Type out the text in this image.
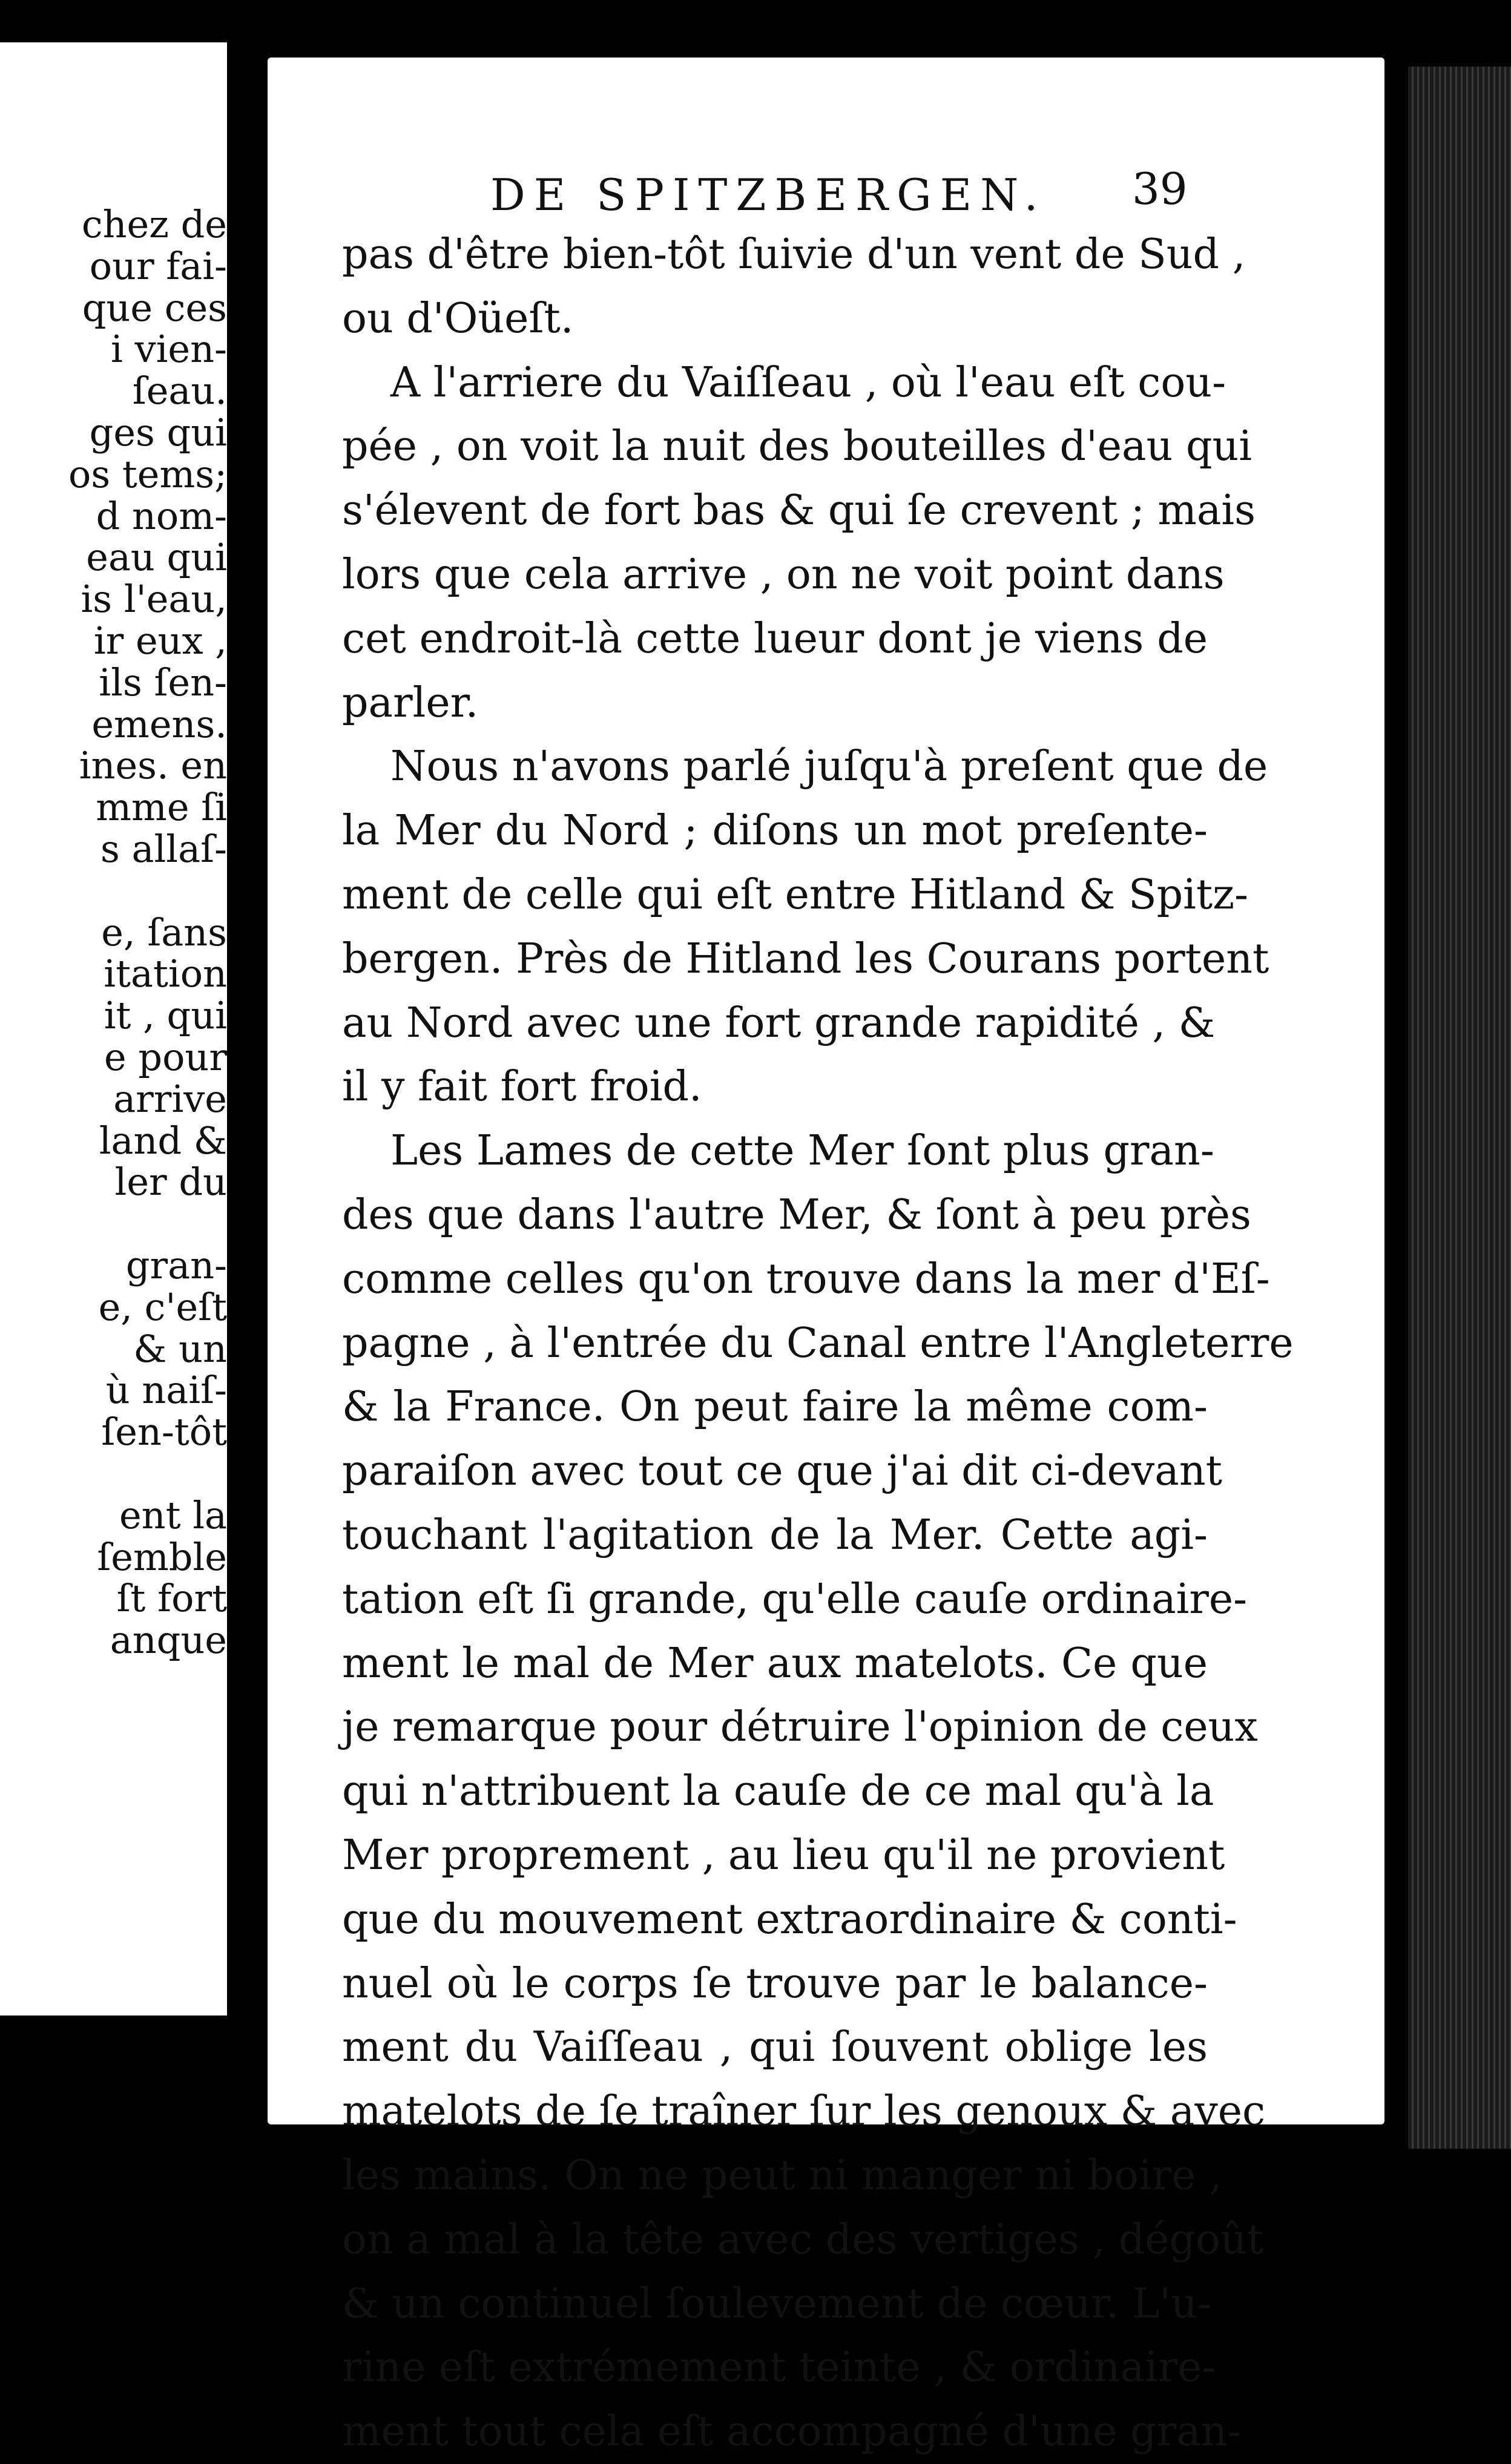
chez de
our fai-
que ces
i vien-
ſeau.
ges qui
os tems;
d nom-
eau qui
is l'eau,
ir eux ,
ils ſen-
emens.
ines. en
mme ſi
s allaſ-
e, ſans
itation
it , qui
e pour
arrive
land &
ler du
gran-
e, c'eſt
& un
ù naiſ-
ſen-tôt
ent la
ſemble
ſt fort
anque
DE SPITZBERGEN.	39
pas d'être bien-tôt ſuivie d'un vent de Sud ,
ou d'Oüeſt.
A l'arriere du Vaiſſeau , où l'eau eſt cou-
pée , on voit la nuit des bouteilles d'eau qui
s'élevent de fort bas & qui ſe crevent ; mais
lors que cela arrive , on ne voit point dans
cet endroit-là cette lueur dont je viens de
parler.
Nous n'avons parlé juſqu'à preſent que de
la Mer du Nord ; diſons un mot preſente-
ment de celle qui eſt entre Hitland & Spitz-
bergen. Près de Hitland les Courans portent
au Nord avec une fort grande rapidité , &
il y fait fort froid.
Les Lames de cette Mer ſont plus gran-
des que dans l'autre Mer, & ſont à peu près
comme celles qu'on trouve dans la mer d'Eſ-
pagne , à l'entrée du Canal entre l'Angleterre
& la France. On peut faire la même com-
paraiſon avec tout ce que j'ai dit ci-devant
touchant l'agitation de la Mer. Cette agi-
tation eſt ſi grande, qu'elle cauſe ordinaire-
ment le mal de Mer aux matelots. Ce que
je remarque pour détruire l'opinion de ceux
qui n'attribuent la cauſe de ce mal qu'à la
Mer proprement , au lieu qu'il ne provient
que du mouvement extraordinaire & conti-
nuel où le corps ſe trouve par le balance-
ment du Vaiſſeau , qui ſouvent oblige les
matelots de ſe traîner ſur les genoux & avec
les mains. On ne peut ni manger ni boire ,
on a mal à la tête avec des vertiges , dégoût
& un continuel ſoulevement de cœur. L'u-
rine eſt extrémement teinte , & ordinaire-
ment tout cela eſt accompagné d'une gran-
